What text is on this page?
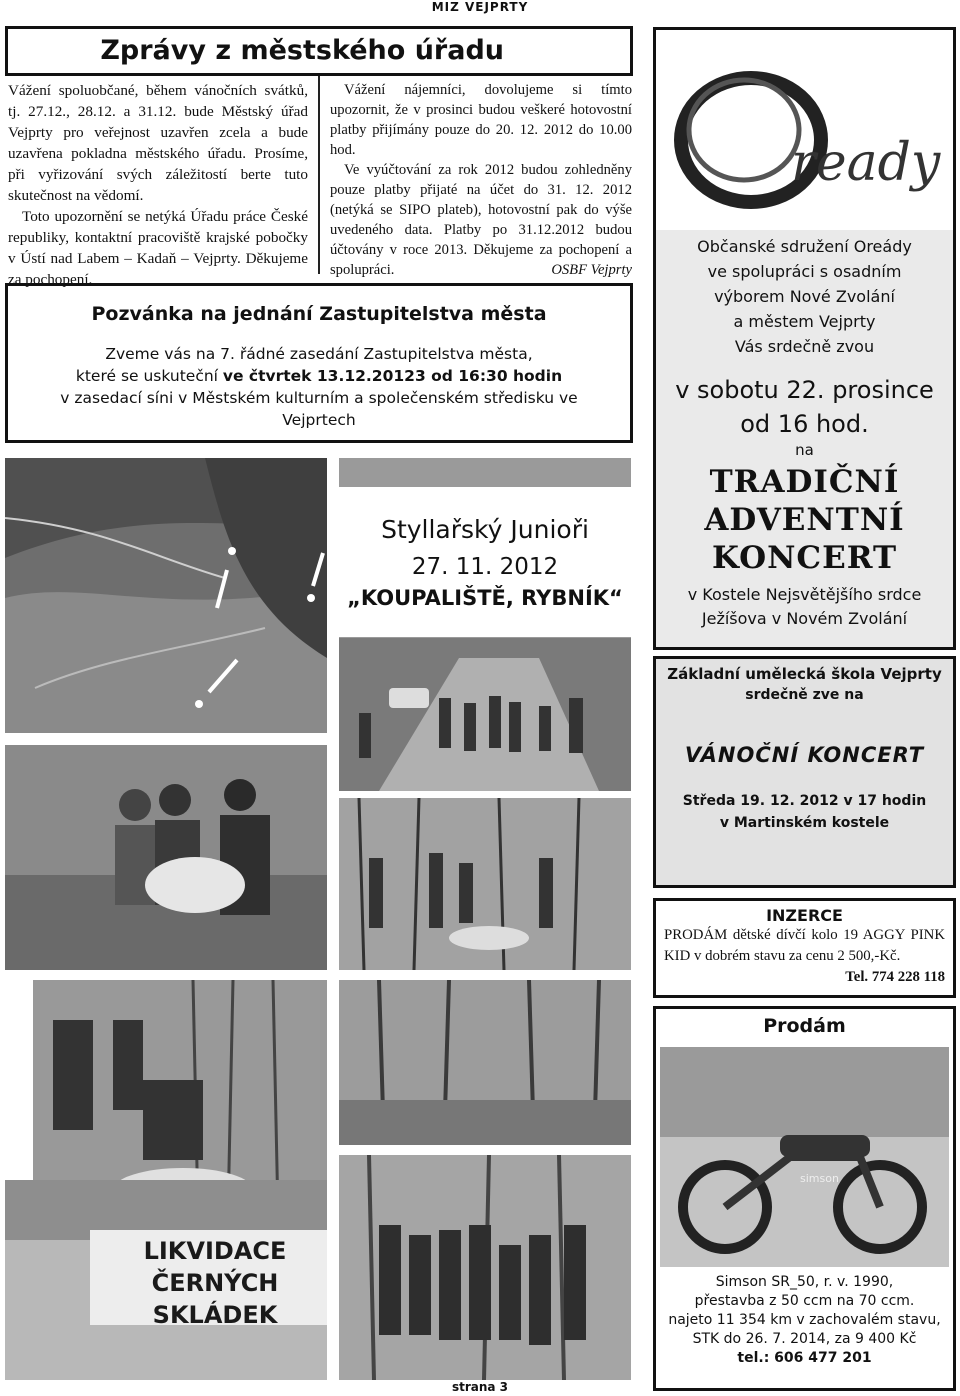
MIZ VEJPRTY
Zprávy z městského úřadu

Vážení spoluobčané, během vánočních svátků, tj. 27.12., 28.12. a 31.12. bude Městský úřad Vejprty pro veřejnost uzavřen zcela a bude uzavřena pokladna městského úřadu. Prosíme, při vyřizování svých záležitostí berte tuto skutečnost na vědomí.

Toto upozornění se netýká Úřadu práce České republiky, kontaktní pracoviště krajské pobočky v Ústí nad Labem – Kadaň – Vejprty. Děkujeme za pochopení.

Vážení nájemníci, dovolujeme si tímto upozornit, že v prosinci budou veškeré hotovostní platby přijímány pouze do 20. 12. 2012 do 10.00 hod.

Ve vyúčtování za rok 2012 budou zohledněny pouze platby přijaté na účet do 31. 12. 2012 (netýká se SIPO plateb), hotovostní pak do výše uvedeného data. Platby po 31.12.2012 budou účtovány v roce 2013. Děkujeme za pochopení a spolupráci.	OSBF Vejprty

Pozvánka na jednání Zastupitelstva města
Zveme vás na 7. řádné zasedání Zastupitelstva města,
které se uskuteční ve čtvrtek 13.12.20123 od 16:30 hodin
v zasedací síni v Městském kulturním a společenském středisku ve Vejprtech
Styllařský Junioři
27. 11. 2012
„KOUPALIŠTĚ, RYBNÍK“
LIKVIDACE
ČERNÝCH SKLÁDEK
ready
Občanské sdružení Oreády
ve spolupráci s osadním
výborem Nové Zvolání
a městem Vejprty
Vás srdečně zvou
v sobotu 22. prosince
od 16 hod.
na
TRADIČNÍ
ADVENTNÍ
KONCERT
v Kostele Nejsvětějšího srdce
Ježíšova v Novém Zvolání
Základní umělecká škola Vejprty
srdečně zve na
VÁNOČNÍ KONCERT
Středa 19. 12. 2012 v 17 hodin
v Martinském kostele
INZERCE
PRODÁM dětské dívčí kolo 19 AGGY PINK KID v dobrém stavu za cenu 2 500,-Kč.
Tel. 774 228 118
Prodám
simson
Simson SR_50, r. v. 1990,
přestavba z 50 ccm na 70 ccm.
najeto 11 354 km v zachovalém stavu,
STK do 26. 7. 2014, za 9 400 Kč
tel.: 606 477 201
strana 3
